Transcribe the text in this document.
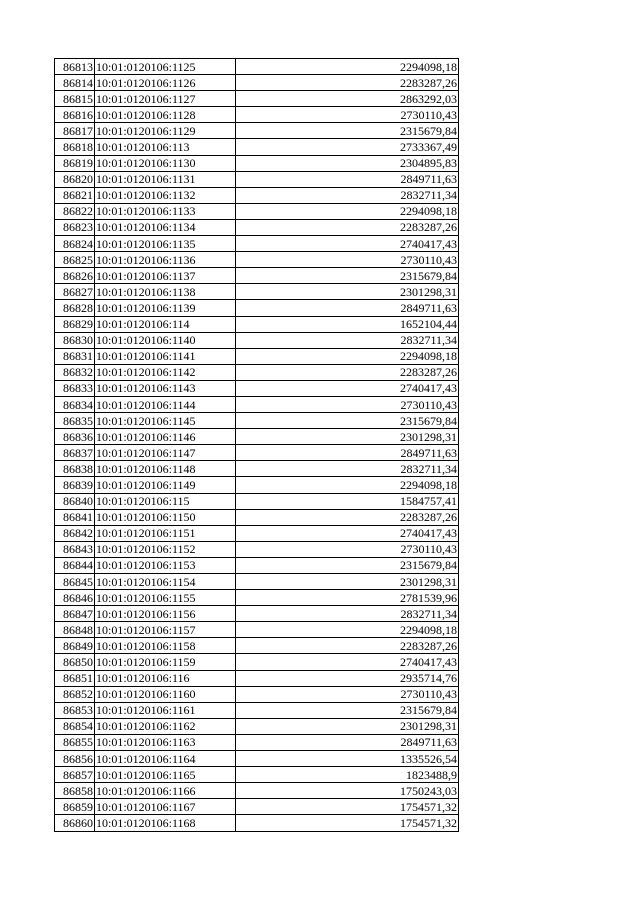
86813	10:01:0120106:1125	2294098,18
86814	10:01:0120106:1126	2283287,26
86815	10:01:0120106:1127	2863292,03
86816	10:01:0120106:1128	2730110,43
86817	10:01:0120106:1129	2315679,84
86818	10:01:0120106:113	2733367,49
86819	10:01:0120106:1130	2304895,83
86820	10:01:0120106:1131	2849711,63
86821	10:01:0120106:1132	2832711,34
86822	10:01:0120106:1133	2294098,18
86823	10:01:0120106:1134	2283287,26
86824	10:01:0120106:1135	2740417,43
86825	10:01:0120106:1136	2730110,43
86826	10:01:0120106:1137	2315679,84
86827	10:01:0120106:1138	2301298,31
86828	10:01:0120106:1139	2849711,63
86829	10:01:0120106:114	1652104,44
86830	10:01:0120106:1140	2832711,34
86831	10:01:0120106:1141	2294098,18
86832	10:01:0120106:1142	2283287,26
86833	10:01:0120106:1143	2740417,43
86834	10:01:0120106:1144	2730110,43
86835	10:01:0120106:1145	2315679,84
86836	10:01:0120106:1146	2301298,31
86837	10:01:0120106:1147	2849711,63
86838	10:01:0120106:1148	2832711,34
86839	10:01:0120106:1149	2294098,18
86840	10:01:0120106:115	1584757,41
86841	10:01:0120106:1150	2283287,26
86842	10:01:0120106:1151	2740417,43
86843	10:01:0120106:1152	2730110,43
86844	10:01:0120106:1153	2315679,84
86845	10:01:0120106:1154	2301298,31
86846	10:01:0120106:1155	2781539,96
86847	10:01:0120106:1156	2832711,34
86848	10:01:0120106:1157	2294098,18
86849	10:01:0120106:1158	2283287,26
86850	10:01:0120106:1159	2740417,43
86851	10:01:0120106:116	2935714,76
86852	10:01:0120106:1160	2730110,43
86853	10:01:0120106:1161	2315679,84
86854	10:01:0120106:1162	2301298,31
86855	10:01:0120106:1163	2849711,63
86856	10:01:0120106:1164	1335526,54
86857	10:01:0120106:1165	1823488,9
86858	10:01:0120106:1166	1750243,03
86859	10:01:0120106:1167	1754571,32
86860	10:01:0120106:1168	1754571,32
